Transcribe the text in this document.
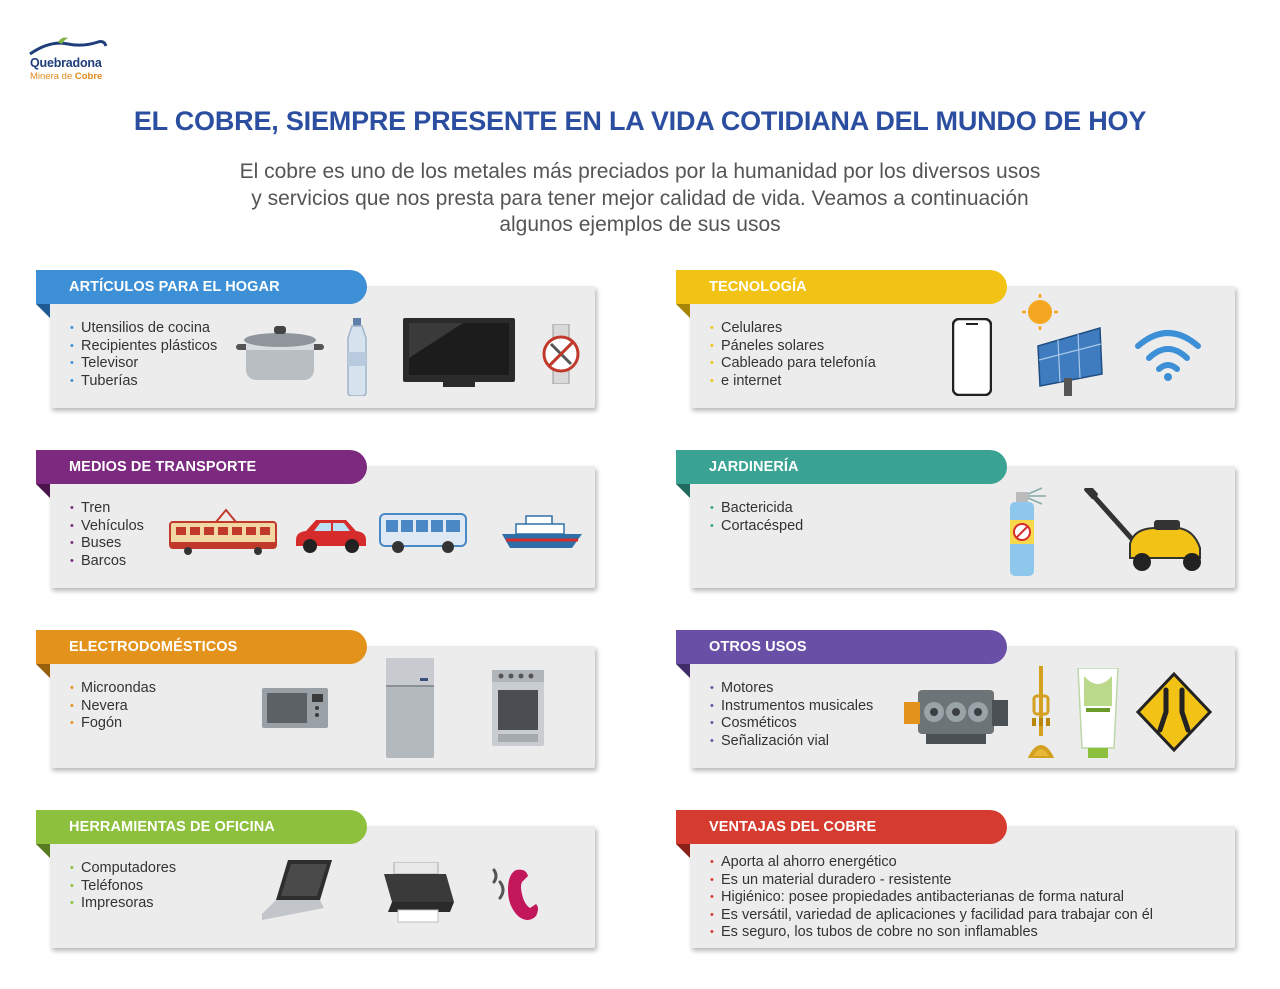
Quebradona
Minera de Cobre
EL COBRE, SIEMPRE PRESENTE EN LA VIDA COTIDIANA DEL MUNDO DE HOY
El cobre es uno de los metales más preciados por la humanidad por los diversos usos
y servicios que nos presta para tener mejor calidad de vida. Veamos a continuación
algunos ejemplos de sus usos
ARTÍCULOS PARA EL HOGAR
• Utensilios de cocina
• Recipientes plásticos
• Televisor
• Tuberías
TECNOLOGÍA
• Celulares
• Páneles solares
• Cableado para telefonía
• e internet
MEDIOS DE TRANSPORTE
• Tren
• Vehículos
• Buses
• Barcos
JARDINERÍA
• Bactericida
• Cortacésped
ELECTRODOMÉSTICOS
• Microondas
• Nevera
• Fogón
OTROS USOS
• Motores
• Instrumentos musicales
• Cosméticos
• Señalización vial
HERRAMIENTAS DE OFICINA
• Computadores
• Teléfonos
• Impresoras
VENTAJAS DEL COBRE
• Aporta al ahorro energético
• Es un material duradero - resistente
• Higiénico: posee propiedades antibacterianas de forma natural
• Es versátil, variedad de aplicaciones y facilidad para trabajar con él
• Es seguro, los tubos de cobre no son inflamables
